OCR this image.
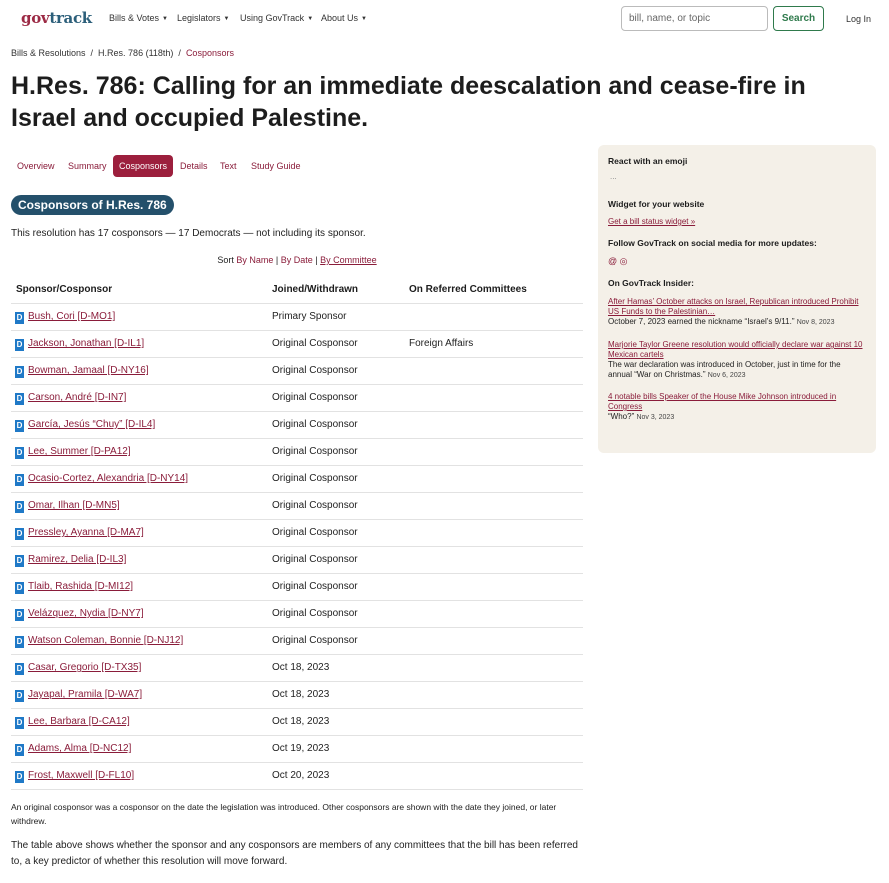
govtrack Bills & Votes ▼ Legislators ▼ Using GovTrack ▼ About Us ▼
bill, name, or topic	Search	Log In
Bills & Resolutions / H.Res. 786 (118th) / Cosponsors
H.Res. 786: Calling for an immediate deescalation and cease-fire in Israel and occupied Palestine.
Overview	Summary	Cosponsors	Details	Text	Study Guide
Cosponsors of H.Res. 786
This resolution has 17 cosponsors — 17 Democrats — not including its sponsor.
Sort By Name | By Date | By Committee
Sponsor/Cosponsor	Joined/Withdrawn	On Referred Committees
D Bush, Cori [D-MO1]	Primary Sponsor
D Jackson, Jonathan [D-IL1]	Original Cosponsor	Foreign Affairs
D Bowman, Jamaal [D-NY16]	Original Cosponsor
D Carson, André [D-IN7]	Original Cosponsor
D García, Jesús “Chuy” [D-IL4]	Original Cosponsor
D Lee, Summer [D-PA12]	Original Cosponsor
D Ocasio-Cortez, Alexandria [D-NY14]	Original Cosponsor
D Omar, Ilhan [D-MN5]	Original Cosponsor
D Pressley, Ayanna [D-MA7]	Original Cosponsor
D Ramirez, Delia [D-IL3]	Original Cosponsor
D Tlaib, Rashida [D-MI12]	Original Cosponsor
D Velázquez, Nydia [D-NY7]	Original Cosponsor
D Watson Coleman, Bonnie [D-NJ12]	Original Cosponsor
D Casar, Gregorio [D-TX35]	Oct 18, 2023
D Jayapal, Pramila [D-WA7]	Oct 18, 2023
D Lee, Barbara [D-CA12]	Oct 18, 2023
D Adams, Alma [D-NC12]	Oct 19, 2023
D Frost, Maxwell [D-FL10]	Oct 20, 2023
An original cosponsor was a cosponsor on the date the legislation was introduced. Other cosponsors are shown with the date they joined, or later withdrew.
The table above shows whether the sponsor and any cosponsors are members of any committees that the bill has been referred to, a key predictor of whether this resolution will move forward.
React with an emoji
...
Widget for your website
Get a bill status widget »
Follow GovTrack on social media for more updates:
@ ◎
On GovTrack Insider:
After Hamas’ October attacks on Israel, Republican introduced Prohibit US Funds to the Palestinian…
October 7, 2023 earned the nickname “Israel’s 9/11.” Nov 8, 2023
Marjorie Taylor Greene resolution would officially declare war against 10 Mexican cartels
The war declaration was introduced in October, just in time for the annual “War on Christmas.” Nov 6, 2023
4 notable bills Speaker of the House Mike Johnson introduced in Congress
“Who?” Nov 3, 2023
